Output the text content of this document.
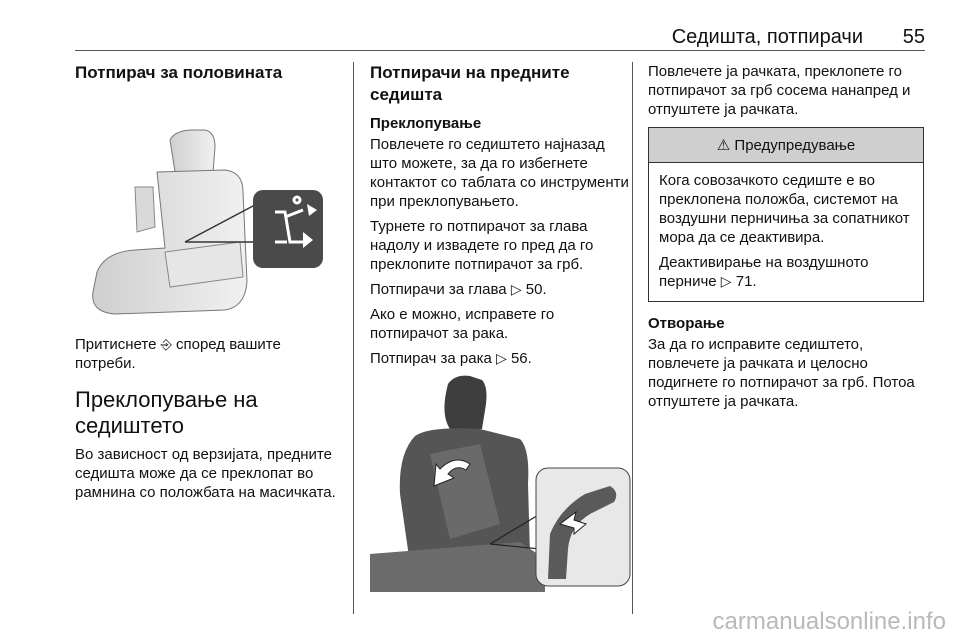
Седишта, потпирачи 55
Потпирач за половината

Притиснете ⎆ според вашите потреби.

Преклопување на седиштето

Во зависност од верзијата, предните седишта може да се преклопат во рамнина со положбата на масичката.

Потпирачи на предните седишта
Преклопување

Повлечете го седиштето најназад што можете, за да го избегнете контактот со таблата со инструменти при преклопувањето.

Турнете го потпирачот за глава надолу и извадете го пред да го преклопите потпирачот за грб.

Потпирачи за глава ▷ 50.

Ако е можно, исправете го потпирачот за рака.

Потпирач за рака ▷ 56.

Повлечете ја рачката, преклопете го потпирачот за грб сосема нанапред и отпуштете ја рачката.

⚠ Предупредување

Кога совозачкото седиште е во преклопена положба, системот на воздушни перничиња за сопатникот мора да се деактивира.

Деактивирање на воздушното перниче ▷ 71.

Отворање

За да го исправите седиштето, повлечете ја рачката и целосно подигнете го потпирачот за грб. Потоа отпуштете ја рачката.

carmanualsonline.info
